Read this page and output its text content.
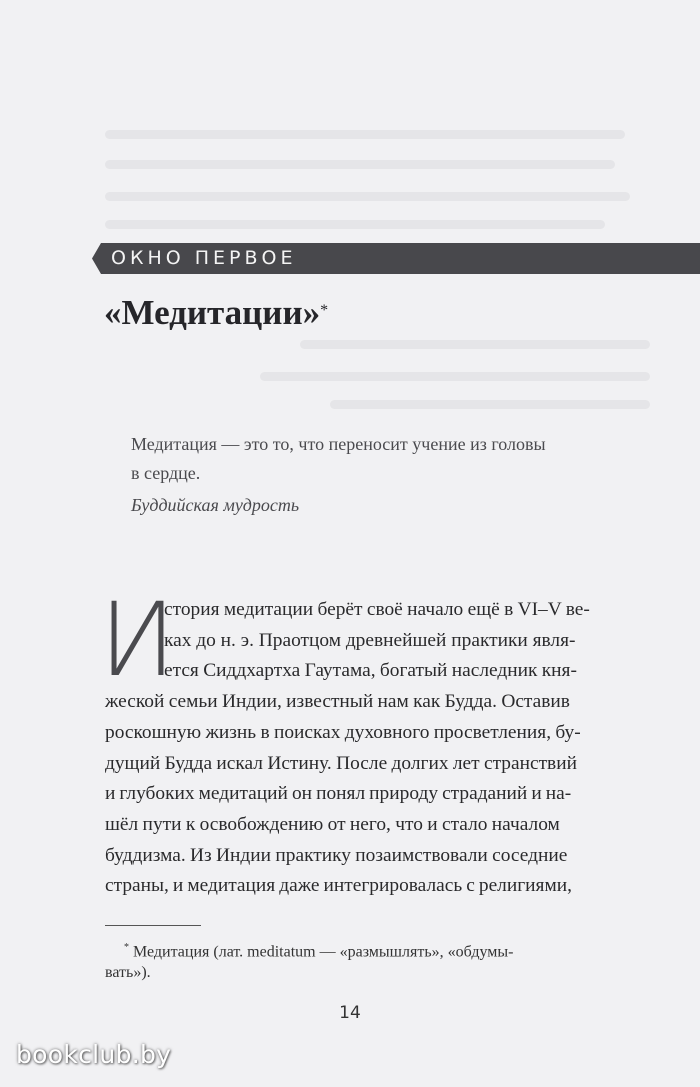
ОКНО ПЕРВОЕ
«Медитации»*
Медитация — это то, что переносит учение из головы
в сердце.
Буддийская мудрость
И
стория медитации берёт своё начало ещё в VI–V ве-
ках до н. э. Праотцом древнейшей практики явля-
ется Сиддхартха Гаутама, богатый наследник кня-
жеской семьи Индии, известный нам как Будда. Оставив
роскошную жизнь в поисках духовного просветления, бу-
дущий Будда искал Истину. После долгих лет странствий
и глубоких медитаций он понял природу страданий и на-
шёл пути к освобождению от него, что и стало началом
буддизма. Из Индии практику позаимствовали соседние
страны, и медитация даже интегрировалась с религиями,
* Медитация (лат. meditatum — «размышлять», «обдумы-
вать»).
14
bookclub.by
